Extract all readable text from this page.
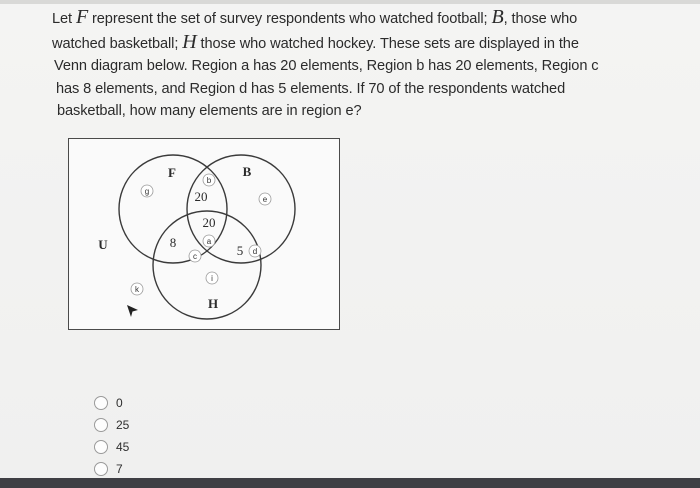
Let F represent the set of survey respondents who watched football; B, those who

watched basketball; H those who watched hockey. These sets are displayed in the

Venn diagram below. Region a has 20 elements, Region b has 20 elements, Region c

has 8 elements, and Region d has 5 elements. If 70 of the respondents watched

basketball, how many elements are in region e?

F	B
H
U
20
20
8
5
g
b
e
a
c
d
i
k
0
25
45
7
